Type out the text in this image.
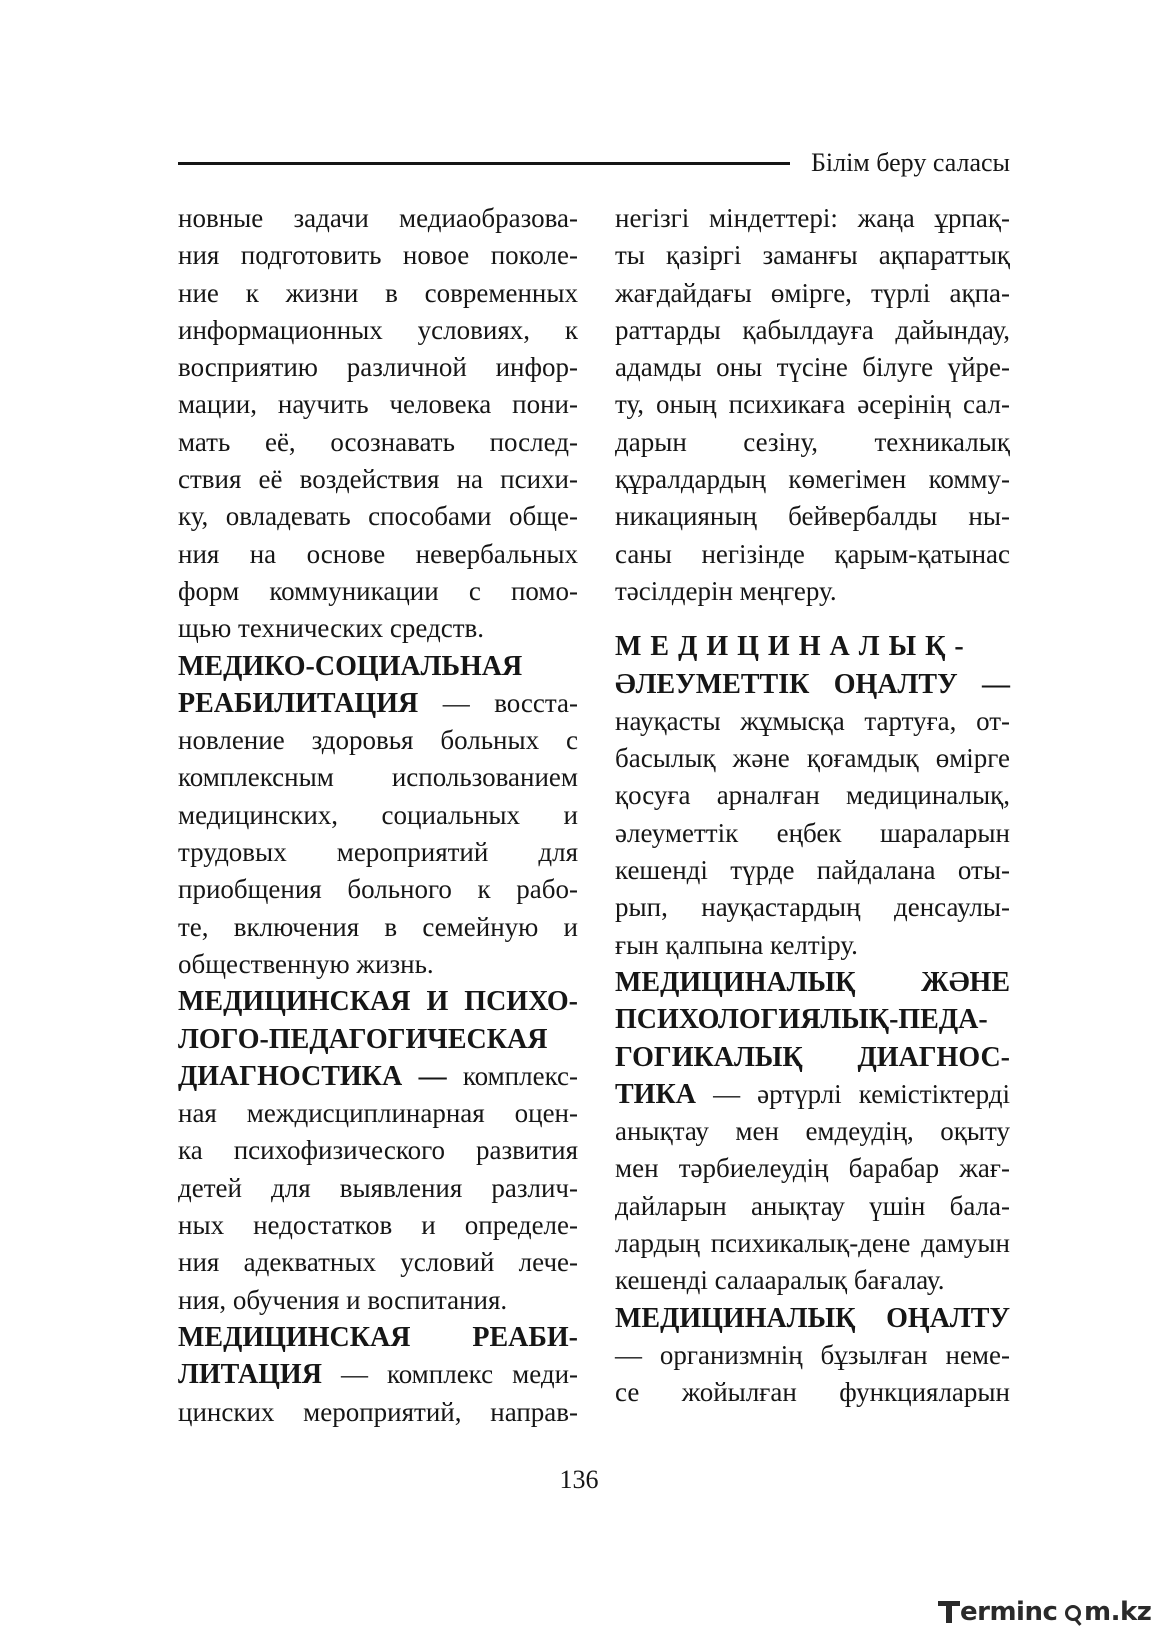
Білім беру саласы

новные задачи медиаобразова-

ния подготовить новое поколе-

ние к жизни в современных

информационных условиях, к

восприятию различной инфор-

мации, научить человека пони-

мать её, осознавать послед-

ствия её воздействия на психи-

ку, овладевать способами обще-

ния на основе невербальных

форм коммуникации с помо-

щью технических средств.

МЕДИКО-СОЦИАЛЬНАЯ

РЕАБИЛИТАЦИЯ — восста-

новление здоровья больных с

комплексным использованием

медицинских, социальных и

трудовых мероприятий для

приобщения больного к рабо-

те, включения в семейную и

общественную жизнь.

МЕДИЦИНСКАЯ И ПСИХО-

ЛОГО-ПЕДАГОГИЧЕСКАЯ

ДИАГНОСТИКА — комплекс-

ная междисциплинарная оцен-

ка психофизического развития

детей для выявления различ-

ных недостатков и определе-

ния адекватных условий лече-

ния, обучения и воспитания.

МЕДИЦИНСКАЯ РЕАБИ-

ЛИТАЦИЯ — комплекс меди-

цинских мероприятий, направ-

негізгі міндеттері: жаңа ұрпақ-

ты қазіргі заманғы ақпараттық

жағдайдағы өмірге, түрлі ақпа-

раттарды қабылдауға дайындау,

адамды оны түсіне білуге үйре-

ту, оның психикаға әсерінің сал-

дарын сезіну, техникалық

құралдардың көмегімен комму-

никацияның бейвербалды ны-

саны негізінде қарым-қатынас

тәсілдерін меңгеру.

МЕДИЦИНАЛЫҚ-

ӘЛЕУМЕТТІК ОҢАЛТУ —

науқасты жұмысқа тартуға, от-

басылық және қоғамдық өмірге

қосуға арналған медициналық,

әлеуметтік еңбек шараларын

кешенді түрде пайдалана оты-

рып, науқастардың денсаулы-

ғын қалпына келтіру.

МЕДИЦИНАЛЫҚ ЖӘНЕ

ПСИХОЛОГИЯЛЫҚ-ПЕДА-

ГОГИКАЛЫҚ ДИАГНОС-

ТИКА — әртүрлі кемістіктерді

анықтау мен емдеудің, оқыту

мен тәрбиелеудің барабар жағ-

дайларын анықтау үшін бала-

лардың психикалық-дене дамуын

кешенді салааралық бағалау.

МЕДИЦИНАЛЫҚ ОҢАЛТУ

— организмнің бұзылған неме-

се жойылған функцияларын

136
erminc m.kz
